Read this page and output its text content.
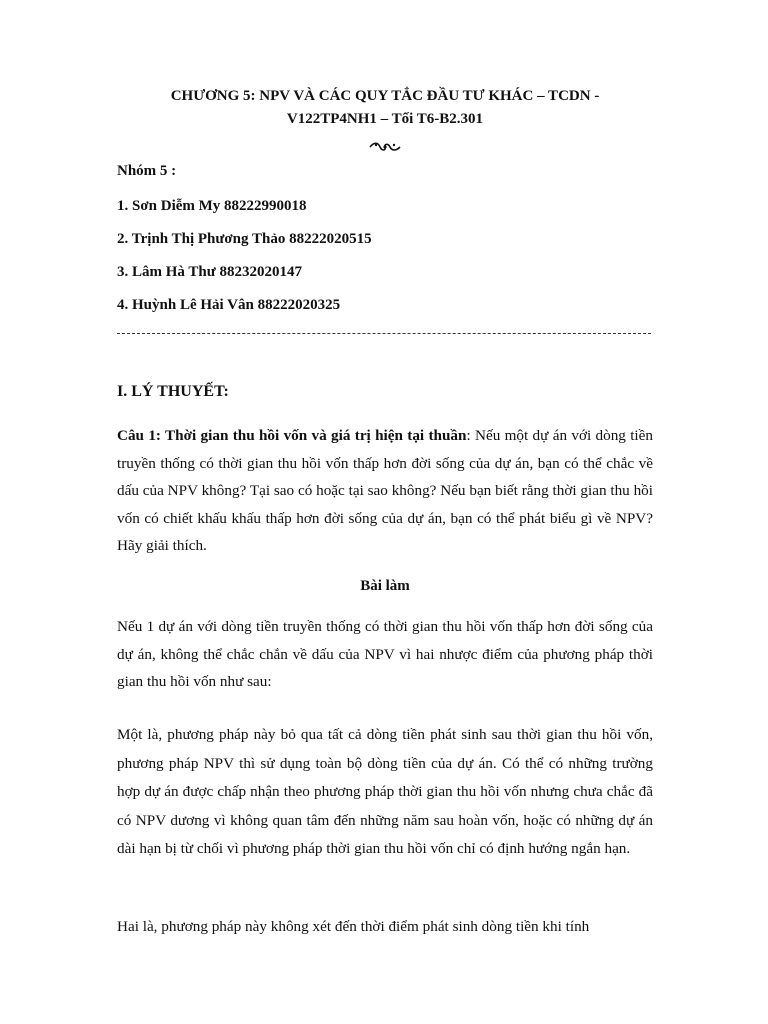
CHƯƠNG 5: NPV VÀ CÁC QUY TẮC ĐẦU TƯ KHÁC – TCDN -

V122TP4NH1 – Tối T6-B2.301

Nhóm 5 :

1. Sơn Diễm My 88222990018

2. Trịnh Thị Phương Thảo 88222020515

3. Lâm Hà Thư 88232020147

4. Huỳnh Lê Hải Vân 88222020325

I. LÝ THUYẾT:

Câu 1: Thời gian thu hồi vốn và giá trị hiện tại thuần: Nếu một dự án với dòng tiền truyền thống có thời gian thu hồi vốn thấp hơn đời sống của dự án, bạn có thể chắc về dấu của NPV không? Tại sao có hoặc tại sao không? Nếu bạn biết rằng thời gian thu hồi vốn có chiết khấu khấu thấp hơn đời sống của dự án, bạn có thể phát biểu gì về NPV? Hãy giải thích.

Bài làm

Nếu 1 dự án với dòng tiền truyền thống có thời gian thu hồi vốn thấp hơn đời sống của dự án, không thể chắc chắn về dấu của NPV vì hai nhược điểm của phương pháp thời gian thu hồi vốn như sau:

Một là, phương pháp này bỏ qua tất cả dòng tiền phát sinh sau thời gian thu hồi vốn, phương pháp NPV thì sử dụng toàn bộ dòng tiền của dự án. Có thể có những trường hợp dự án được chấp nhận theo phương pháp thời gian thu hồi vốn nhưng chưa chắc đã có NPV dương vì không quan tâm đến những năm sau hoàn vốn, hoặc có những dự án dài hạn bị từ chối vì phương pháp thời gian thu hồi vốn chỉ có định hướng ngắn hạn.

Hai là, phương pháp này không xét đến thời điểm phát sinh dòng tiền khi tính
